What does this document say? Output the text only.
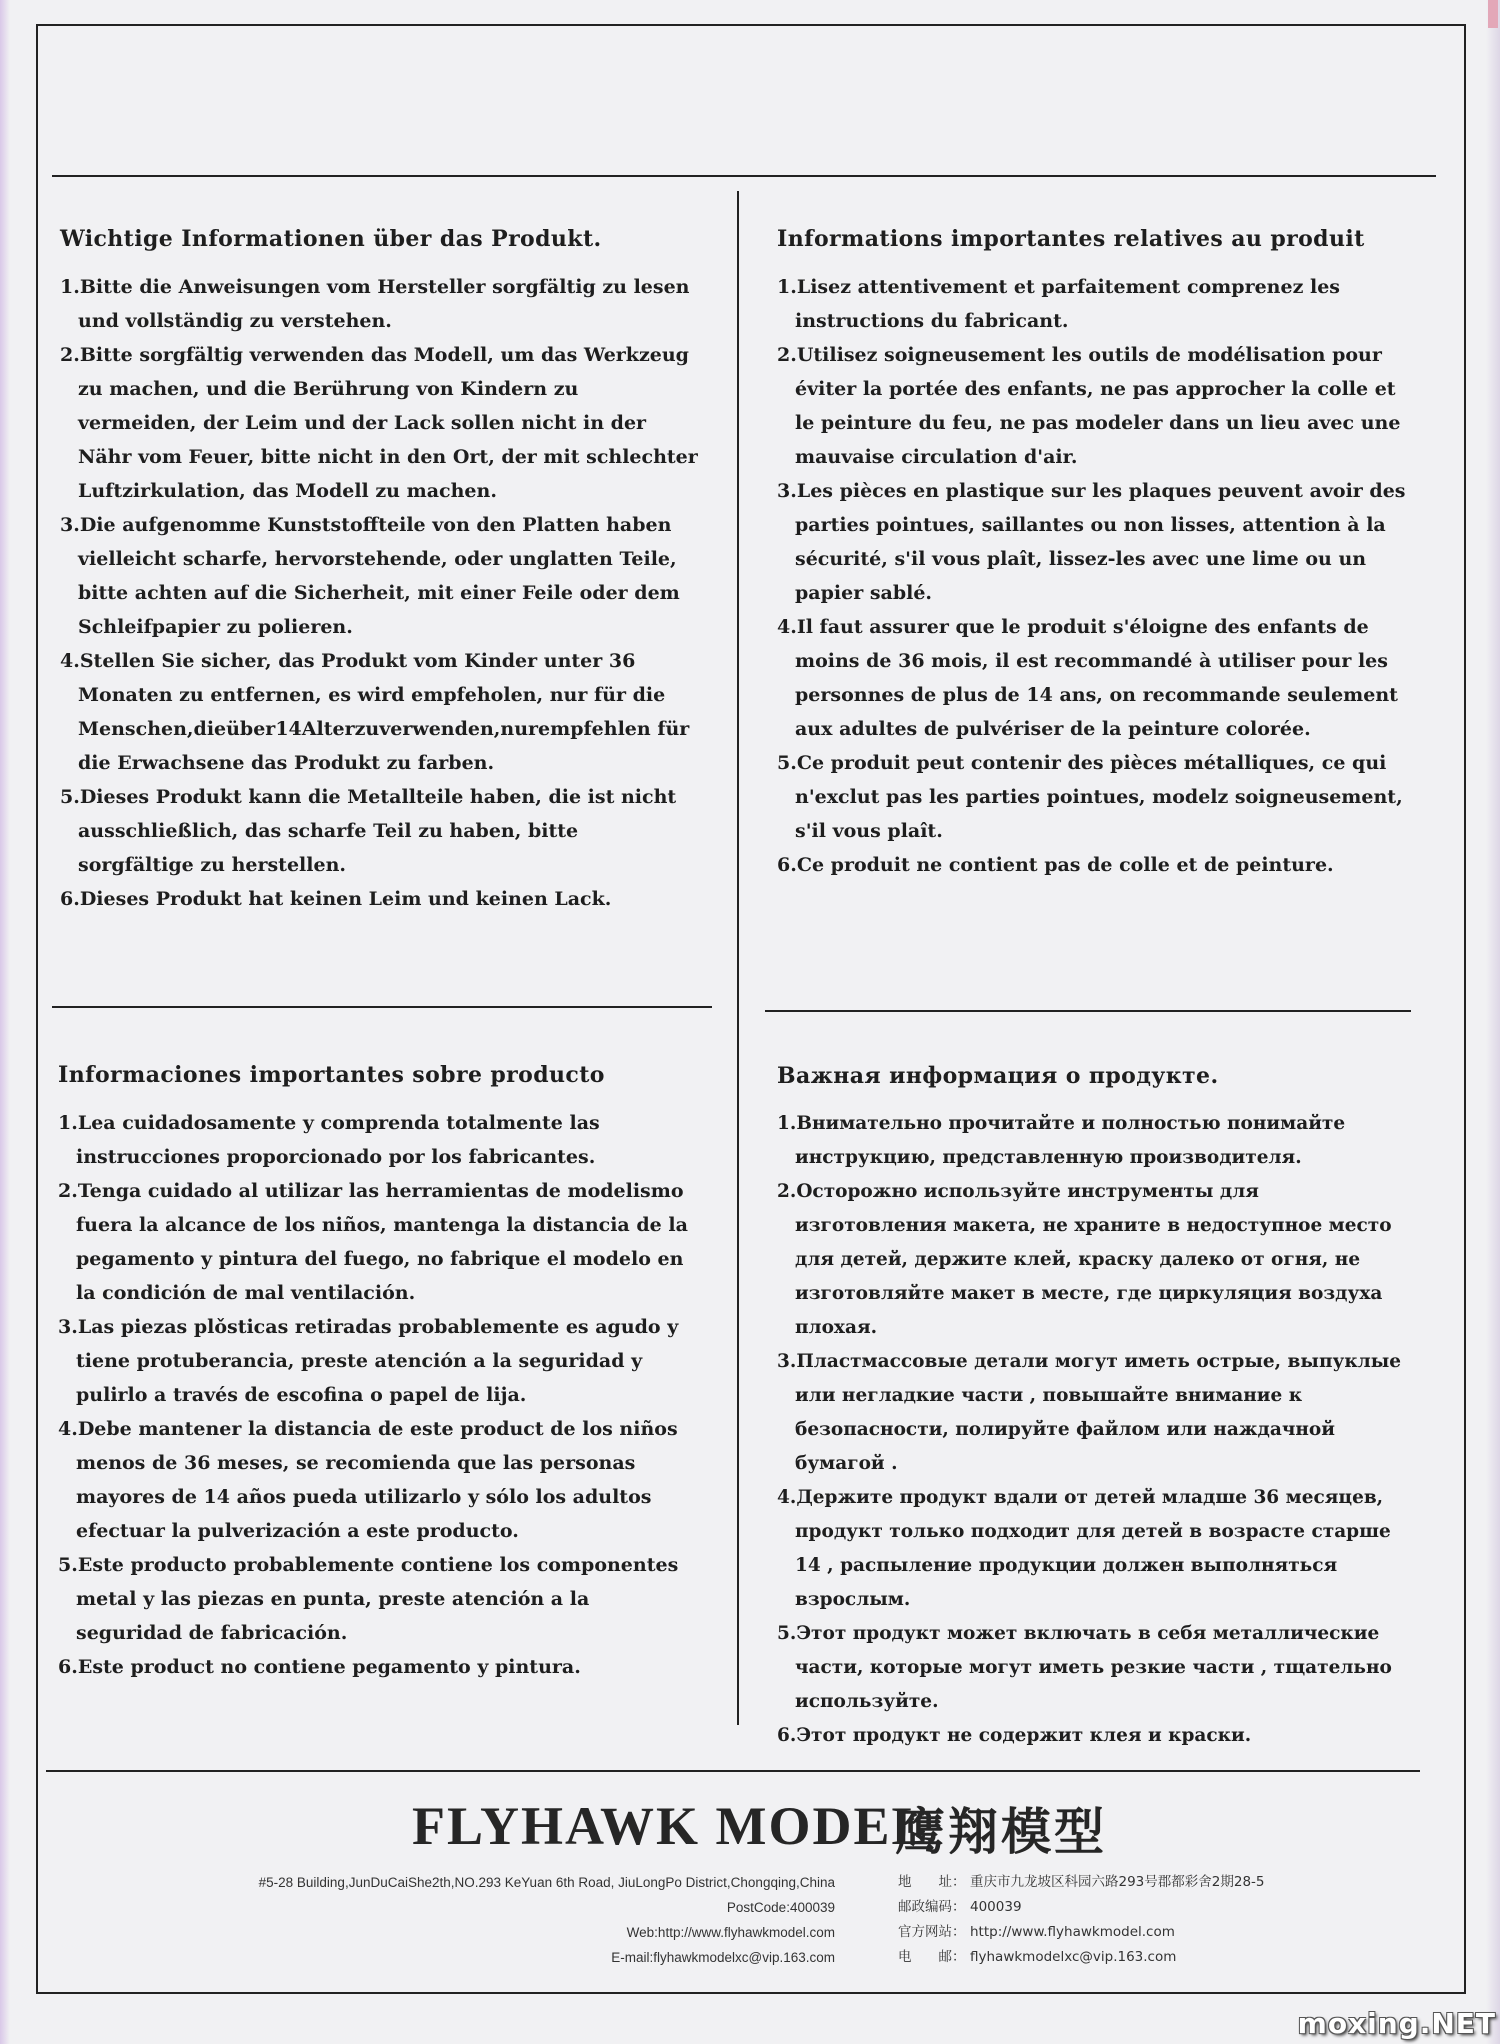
Wichtige Informationen über das Produkt.
1.Bitte die Anweisungen vom Hersteller sorgfältig zu lesen und vollständig zu verstehen.
2.Bitte sorgfältig verwenden das Modell, um das Werkzeug zu machen, und die Berührung von Kindern zu vermeiden, der Leim und der Lack sollen nicht in der Nähr vom Feuer, bitte nicht in den Ort, der mit schlechter Luftzirkulation, das Modell zu machen.
3.Die aufgenomme Kunststoffteile von den Platten haben vielleicht scharfe, hervorstehende, oder unglatten Teile, bitte achten auf die Sicherheit, mit einer Feile oder dem Schleifpapier zu polieren.
4.Stellen Sie sicher, das Produkt vom Kinder unter 36 Monaten zu entfernen, es wird empfeholen, nur für die Menschen,dieüber14Alterzuverwenden,nurempfehlen für die Erwachsene das Produkt zu farben.
5.Dieses Produkt kann die Metallteile haben, die ist nicht ausschließlich, das scharfe Teil zu haben, bitte sorgfältige zu herstellen.
6.Dieses Produkt hat keinen Leim und keinen Lack.
Informations importantes relatives au produit
1.Lisez attentivement et parfaitement comprenez les instructions du fabricant.
2.Utilisez soigneusement les outils de modélisation pour éviter la portée des enfants, ne pas approcher la colle et le peinture du feu, ne pas modeler dans un lieu avec une mauvaise circulation d'air.
3.Les pièces en plastique sur les plaques peuvent avoir des parties pointues, saillantes ou non lisses, attention à la sécurité, s'il vous plaît, lissez-les avec une lime ou un papier sablé.
4.Il faut assurer que le produit s'éloigne des enfants de moins de 36 mois, il est recommandé à utiliser pour les personnes de plus de 14 ans, on recommande seulement aux adultes de pulvériser de la peinture colorée.
5.Ce produit peut contenir des pièces métalliques, ce qui n'exclut pas les parties pointues, modelz soigneusement, s'il vous plaît.
6.Ce produit ne contient pas de colle et de peinture.
Informaciones importantes sobre producto
1.Lea cuidadosamente y comprenda totalmente las instrucciones proporcionado por los fabricantes.
2.Tenga cuidado al utilizar las herramientas de modelismo fuera la alcance de los niños, mantenga la distancia de la pegamento y pintura del fuego, no fabrique el modelo en la condición de mal ventilación.
3.Las piezas plǒsticas retiradas probablemente es agudo y tiene protuberancia, preste atención a la seguridad y pulirlo a través de escofina o papel de lija.
4.Debe mantener la distancia de este product de los niños menos de 36 meses, se recomienda que las personas mayores de 14 años pueda utilizarlo y sólo los adultos efectuar la pulverización a este producto.
5.Este producto probablemente contiene los componentes metal y las piezas en punta, preste atención a la seguridad de fabricación.
6.Este product no contiene pegamento y pintura.
Важная информация о продукте.
1.Внимательно прочитайте и полностью понимайте инструкцию, представленную производителя.
2.Осторожно используйте инструменты для изготовления макета, не храните в недоступное место для детей, держите клей, краску далеко от огня, не изготовляйте макет в месте, где циркуляция воздуха плохая.
3.Пластмассовые детали могут иметь острые, выпуклые или негладкие части , повышайте внимание к безопасности, полируйте файлом или наждачной бумагой .
4.Держите продукт вдали от детей младше 36 месяцев, продукт только подходит для детей в возрасте старше 14 , распыление продукции должен выполняться взрослым.
5.Этот продукт может включать в себя металлические части, которые могут иметь резкие части , тщательно используйте.
6.Этот продукт не содержит клея и краски.
FLYHAWK MODEL
鹰翔模型
#5-28 Building,JunDuCaiShe2th,NO.293 KeYuan 6th Road, JiuLongPo District,Chongqing,China
PostCode:400039
Web:http://www.flyhawkmodel.com
E-mail:flyhawkmodelxc@vip.163.com
地　　址： 重庆市九龙坡区科园六路293号郡都彩舍2期28-5
邮政编码： 400039
官方网站： http://www.flyhawkmodel.com
电　　邮： flyhawkmodelxc@vip.163.com
moxing.NET
